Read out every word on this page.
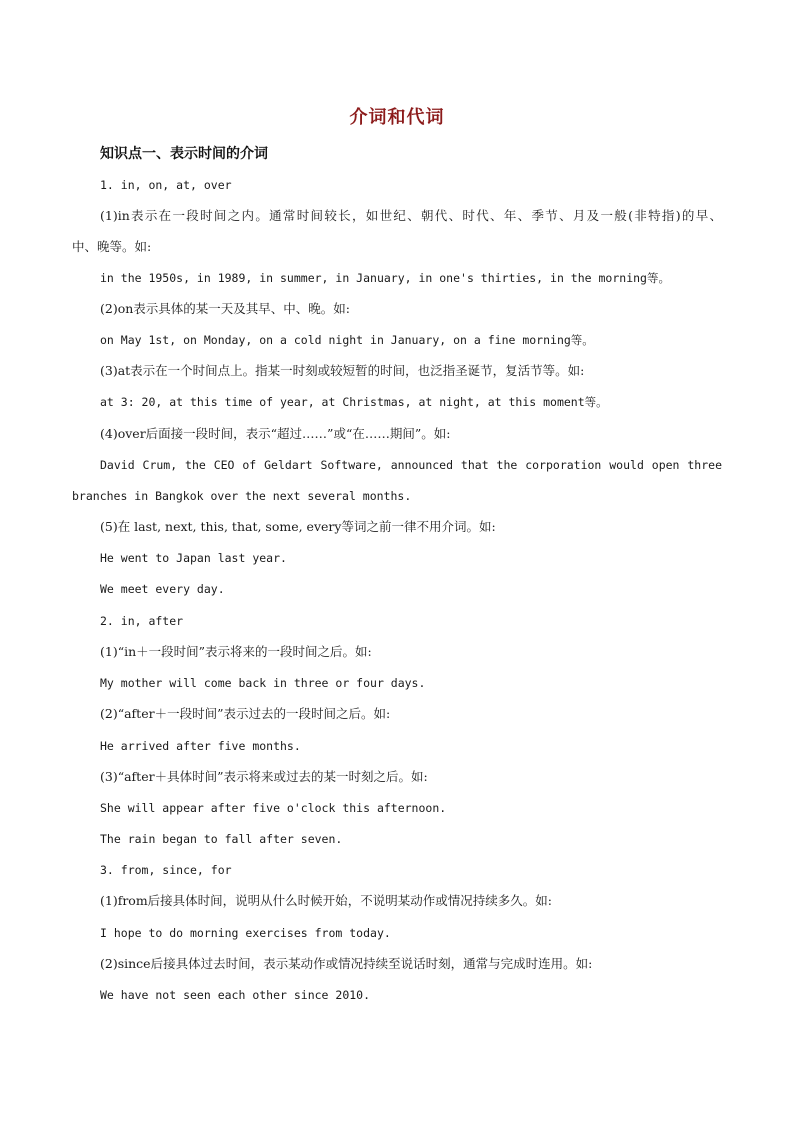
介词和代词
知识点一、表示时间的介词
1. in, on, at, over
(1)in表示在一段时间之内。通常时间较长，如世纪、朝代、时代、年、季节、月及一般(非特指)的早、
中、晚等。如:
in the 1950s, in 1989, in summer, in January, in one's thirties, in the morning等。
(2)on表示具体的某一天及其早、中、晚。如:
on May 1st, on Monday, on a cold night in January, on a fine morning等。
(3)at表示在一个时间点上。指某一时刻或较短暂的时间，也泛指圣诞节，复活节等。如:
at 3: 20, at this time of year, at Christmas, at night, at this moment等。
(4)over后面接一段时间，表示“超过……”或“在……期间”。如:
David Crum, the CEO of Geldart Software, announced that the corporation would open three
branches in Bangkok over the next several months.
(5)在 last, next, this, that, some, every等词之前一律不用介词。如:
He went to Japan last year.
We meet every day.
2. in, after
(1)“in＋一段时间”表示将来的一段时间之后。如:
My mother will come back in three or four days.
(2)“after＋一段时间”表示过去的一段时间之后。如:
He arrived after five months.
(3)“after＋具体时间”表示将来或过去的某一时刻之后。如:
She will appear after five o'clock this afternoon.
The rain began to fall after seven.
3. from, since, for
(1)from后接具体时间，说明从什么时候开始，不说明某动作或情况持续多久。如:
I hope to do morning exercises from today.
(2)since后接具体过去时间，表示某动作或情况持续至说话时刻，通常与完成时连用。如:
We have not seen each other since 2010.
